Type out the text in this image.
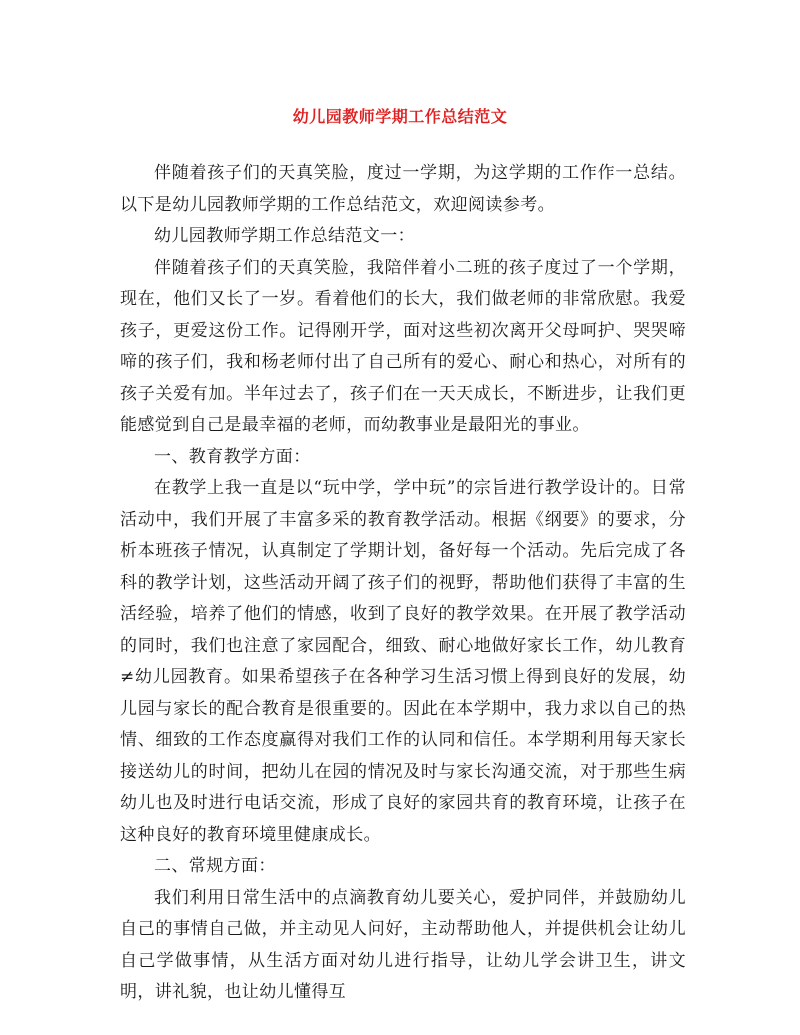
幼儿园教师学期工作总结范文

伴随着孩子们的天真笑脸，度过一学期，为这学期的工作作一总结。以下是幼儿园教师学期的工作总结范文，欢迎阅读参考。

幼儿园教师学期工作总结范文一：

伴随着孩子们的天真笑脸，我陪伴着小二班的孩子度过了一个学期，现在，他们又长了一岁。看着他们的长大，我们做老师的非常欣慰。我爱孩子，更爱这份工作。记得刚开学，面对这些初次离开父母呵护、哭哭啼啼的孩子们，我和杨老师付出了自己所有的爱心、耐心和热心，对所有的孩子关爱有加。半年过去了，孩子们在一天天成长，不断进步，让我们更能感觉到自己是最幸福的老师，而幼教事业是最阳光的事业。

一、教育教学方面：

在教学上我一直是以“玩中学，学中玩”的宗旨进行教学设计的。日常活动中，我们开展了丰富多采的教育教学活动。根据《纲要》的要求，分析本班孩子情况，认真制定了学期计划，备好每一个活动。先后完成了各科的教学计划，这些活动开阔了孩子们的视野，帮助他们获得了丰富的生活经验，培养了他们的情感，收到了良好的教学效果。在开展了教学活动的同时，我们也注意了家园配合，细致、耐心地做好家长工作，幼儿教育≠幼儿园教育。如果希望孩子在各种学习生活习惯上得到良好的发展，幼儿园与家长的配合教育是很重要的。因此在本学期中，我力求以自己的热情、细致的工作态度赢得对我们工作的认同和信任。本学期利用每天家长接送幼儿的时间，把幼儿在园的情况及时与家长沟通交流，对于那些生病幼儿也及时进行电话交流，形成了良好的家园共育的教育环境，让孩子在这种良好的教育环境里健康成长。

二、常规方面：

我们利用日常生活中的点滴教育幼儿要关心，爱护同伴，并鼓励幼儿自己的事情自己做，并主动见人问好，主动帮助他人，并提供机会让幼儿自己学做事情，从生活方面对幼儿进行指导，让幼儿学会讲卫生，讲文明，讲礼貌，也让幼儿懂得互
